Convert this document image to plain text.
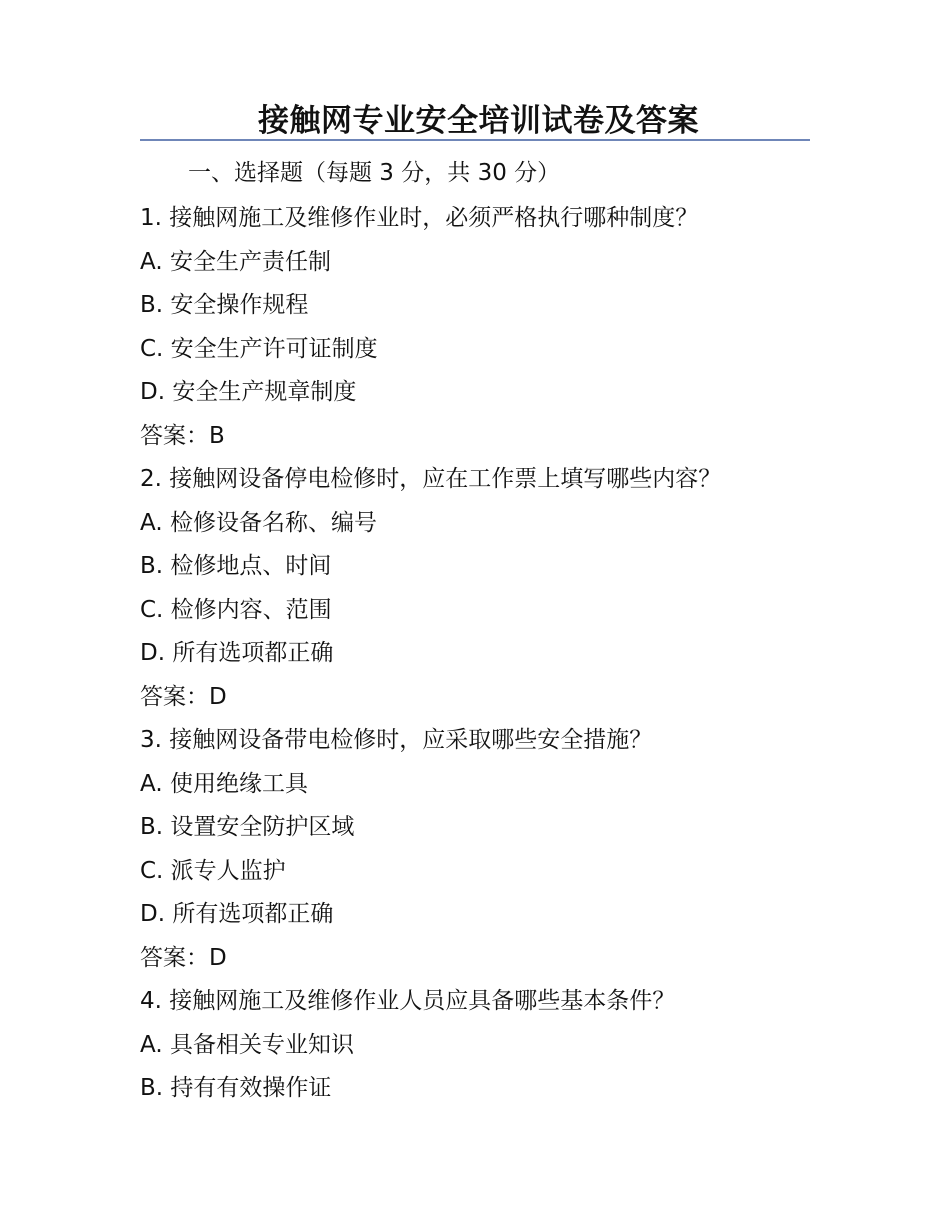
接触网专业安全培训试卷及答案
一、选择题（每题 3 分，共 30 分）
1. 接触网施工及维修作业时，必须严格执行哪种制度？
A. 安全生产责任制
B. 安全操作规程
C. 安全生产许可证制度
D. 安全生产规章制度
答案：B
2. 接触网设备停电检修时，应在工作票上填写哪些内容？
A. 检修设备名称、编号
B. 检修地点、时间
C. 检修内容、范围
D. 所有选项都正确
答案：D
3. 接触网设备带电检修时，应采取哪些安全措施？
A. 使用绝缘工具
B. 设置安全防护区域
C. 派专人监护
D. 所有选项都正确
答案：D
4. 接触网施工及维修作业人员应具备哪些基本条件？
A. 具备相关专业知识
B. 持有有效操作证
